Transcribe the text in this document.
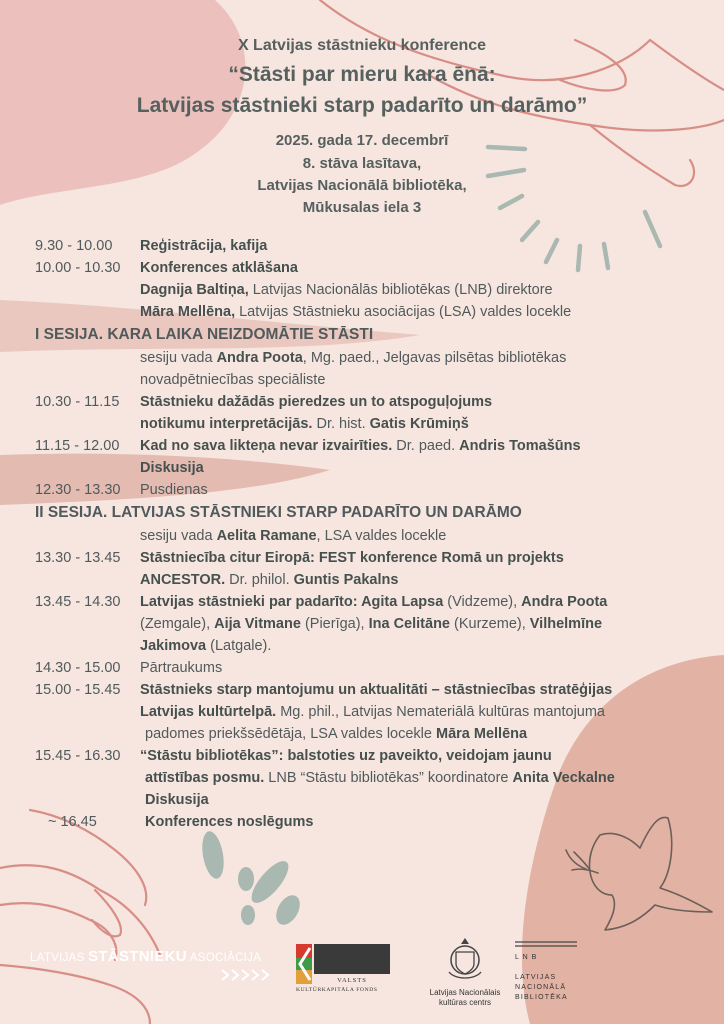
X Latvijas stāstnieku konference
“Stāsti par mieru kara ēnā:
Latvijas stāstnieki starp padarīto un darāmo”
2025. gada 17. decembrī
8. stāva lasītava,
Latvijas Nacionālā bibliotēka,
Mūkusalas iela 3
9.30 - 10.00 Reģistrācija, kafija
10.00 - 10.30 Konferences atklāšana
Dagnija Baltiņa, Latvijas Nacionālās bibliotēkas (LNB) direktore
Māra Mellēna, Latvijas Stāstnieku asociācijas (LSA) valdes locekle
I SESIJA. KARA LAIKA NEIZDOMĀTIE STĀSTI
sesiju vada Andra Poota, Mg. paed., Jelgavas pilsētas bibliotēkas
novadpētniecības speciāliste
10.30 - 11.15 Stāstnieku dažādās pieredzes un to atspoguļojums
notikumu interpretācijās. Dr. hist. Gatis Krūmiņš
11.15 - 12.00 Kad no sava likteņa nevar izvairīties. Dr. paed. Andris Tomašūns
Diskusija
12.30 - 13.30 Pusdienas
II SESIJA. LATVIJAS STĀSTNIEKI STARP PADARĪTO UN DARĀMO
sesiju vada Aelita Ramane, LSA valdes locekle
13.30 - 13.45 Stāstniecība citur Eiropā: FEST konference Romā un projekts
ANCESTOR. Dr. philol. Guntis Pakalns
13.45 - 14.30 Latvijas stāstnieki par padarīto: Agita Lapsa (Vidzeme), Andra Poota
(Zemgale), Aija Vitmane (Pierīga), Ina Celitāne (Kurzeme), Vilhelmīne
Jakimova (Latgale).
14.30 - 15.00 Pārtraukums
15.00 - 15.45 Stāstnieks starp mantojumu un aktualitāti – stāstniecības stratēģijas
Latvijas kultūrtelpā. Mg. phil., Latvijas Nemateriālā kultūras mantojuma
padomes priekšsēdētāja, LSA valdes locekle Māra Mellēna
15.45 - 16.30 “Stāstu bibliotēkas”: balstoties uz paveikto, veidojam jaunu
attīstības posmu. LNB “Stāstu bibliotēkas” koordinatore Anita Veckalne
Diskusija
~ 16.45	Konferences noslēgums
LATVIJAS STĀSTNIEKU ASOCIĀCIJA
VALSTS
KULTŪRKAPITĀLA FONDS	Latvijas Nacionālais
kultūras centrs
L N B
LATVIJAS
NACIONĀLĀ
BIBLIOTĒKA
